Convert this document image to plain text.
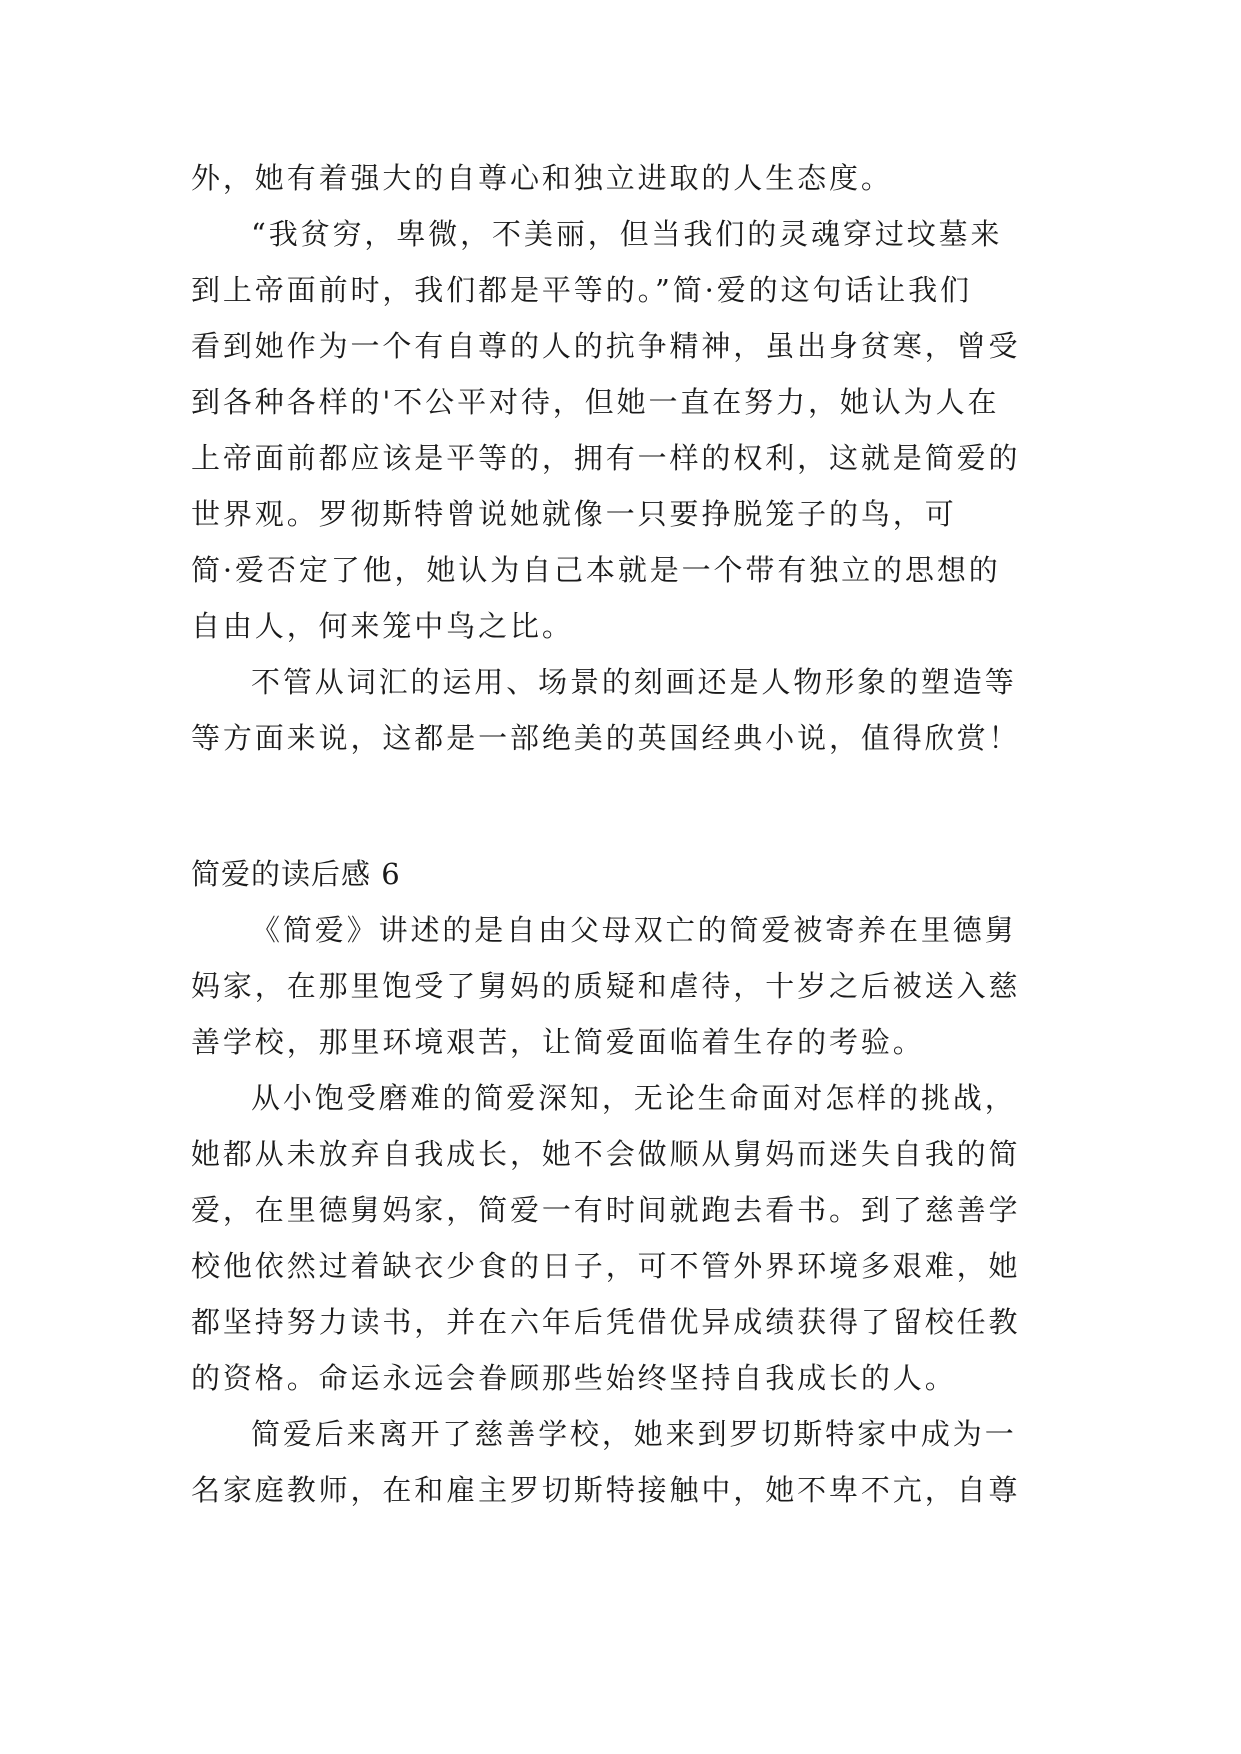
外，她有着强大的自尊心和独立进取的人生态度。
“我贫穷，卑微，不美丽，但当我们的灵魂穿过坟墓来
到上帝面前时，我们都是平等的。”简·爱的这句话让我们
看到她作为一个有自尊的人的抗争精神，虽出身贫寒，曾受
到各种各样的'不公平对待，但她一直在努力，她认为人在
上帝面前都应该是平等的，拥有一样的权利，这就是简爱的
世界观。罗彻斯特曾说她就像一只要挣脱笼子的鸟，可
简·爱否定了他，她认为自己本就是一个带有独立的思想的
自由人，何来笼中鸟之比。
不管从词汇的运用、场景的刻画还是人物形象的塑造等
等方面来说，这都是一部绝美的英国经典小说，值得欣赏！
简爱的读后感 6
《简爱》讲述的是自由父母双亡的简爱被寄养在里德舅
妈家，在那里饱受了舅妈的质疑和虐待，十岁之后被送入慈
善学校，那里环境艰苦，让简爱面临着生存的考验。
从小饱受磨难的简爱深知，无论生命面对怎样的挑战，
她都从未放弃自我成长，她不会做顺从舅妈而迷失自我的简
爱，在里德舅妈家，简爱一有时间就跑去看书。到了慈善学
校他依然过着缺衣少食的日子，可不管外界环境多艰难，她
都坚持努力读书，并在六年后凭借优异成绩获得了留校任教
的资格。命运永远会眷顾那些始终坚持自我成长的人。
简爱后来离开了慈善学校，她来到罗切斯特家中成为一
名家庭教师，在和雇主罗切斯特接触中，她不卑不亢，自尊
